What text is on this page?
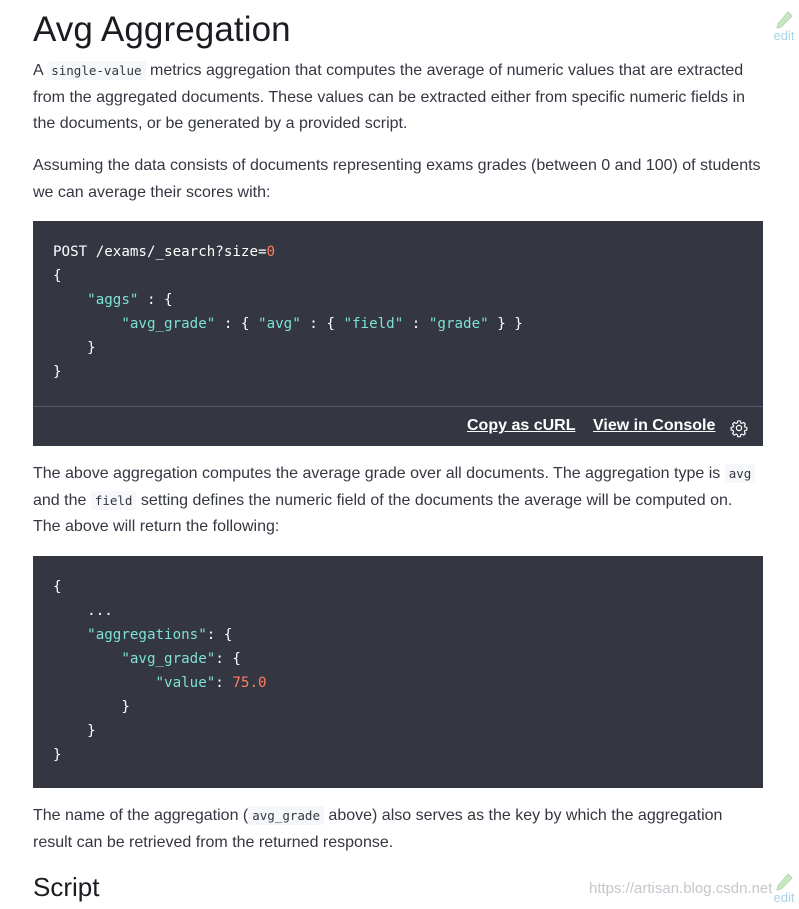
Avg Aggregation	edit

A single-value metrics aggregation that computes the average of numeric values that are extracted from the aggregated documents. These values can be extracted either from specific numeric fields in the documents, or be generated by a provided script.

Assuming the data consists of documents representing exams grades (between 0 and 100) of students we can average their scores with:

POST /exams/_search?size=0
{
"aggs" : {
"avg_grade" : { "avg" : { "field" : "grade" } }
}
}
Copy as cURL View in Console

The above aggregation computes the average grade over all documents. The aggregation type is avg and the field setting defines the numeric field of the documents the average will be computed on. The above will return the following:

{
...
"aggregations": {
"avg_grade": {
"value": 75.0
}
}
}

The name of the aggregation ( avg_grade above) also serves as the key by which the aggregation result can be retrieved from the returned response.

Script	edit
https://artisan.blog.csdn.net
